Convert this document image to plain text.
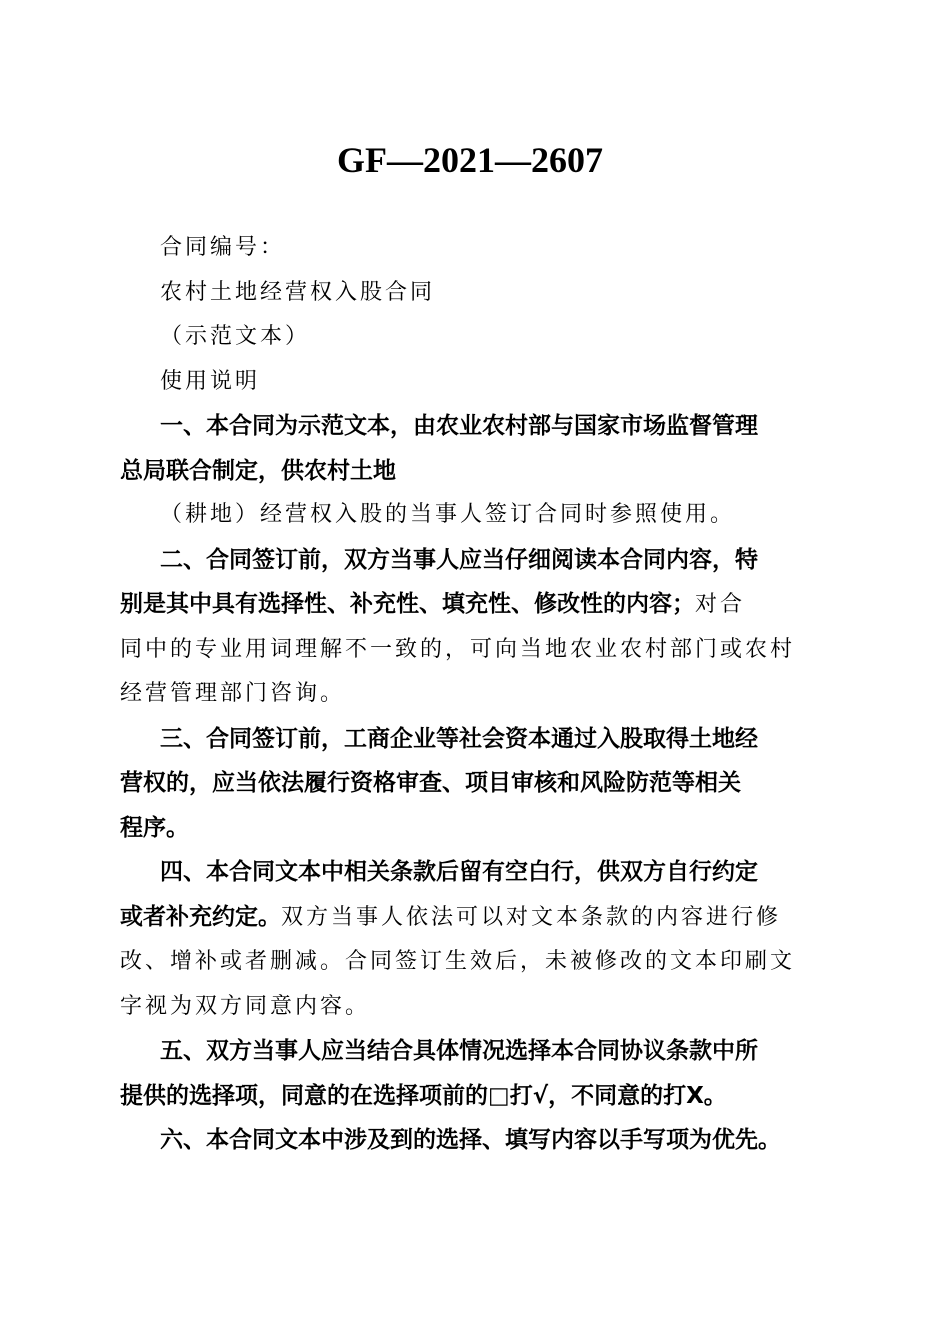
GF—2021—2607
合同编号：
农村土地经营权入股合同
（示范文本）
使用说明
一、本合同为示范文本，由农业农村部与国家市场监督管理
总局联合制定，供农村土地
（耕地）经营权入股的当事人签订合同时参照使用。
二、合同签订前，双方当事人应当仔细阅读本合同内容，特
别是其中具有选择性、补充性、填充性、修改性的内容；对合
同中的专业用词理解不一致的，可向当地农业农村部门或农村
经营管理部门咨询。
三、合同签订前，工商企业等社会资本通过入股取得土地经
营权的，应当依法履行资格审查、项目审核和风险防范等相关
程序。
四、本合同文本中相关条款后留有空白行，供双方自行约定
或者补充约定。双方当事人依法可以对文本条款的内容进行修
改、增补或者删减。合同签订生效后，未被修改的文本印刷文
字视为双方同意内容。
五、双方当事人应当结合具体情况选择本合同协议条款中所
提供的选择项，同意的在选择项前的□打√，不同意的打X。
六、本合同文本中涉及到的选择、填写内容以手写项为优先。
